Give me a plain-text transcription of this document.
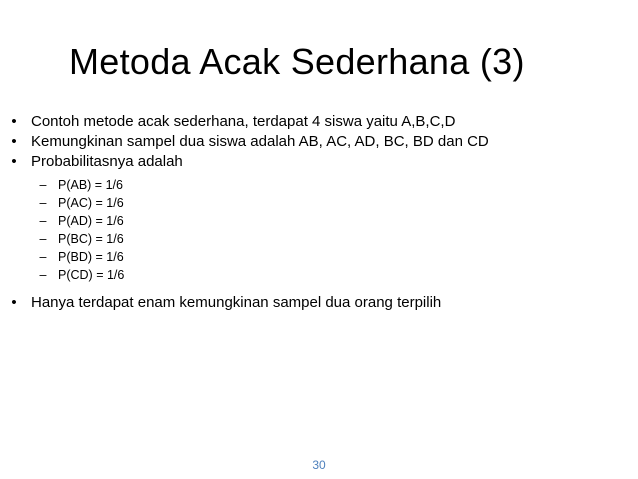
Metoda Acak Sederhana (3)
• Contoh metode acak sederhana, terdapat 4 siswa yaitu A,B,C,D
• Kemungkinan sampel dua siswa adalah AB, AC, AD, BC, BD dan CD
• Probabilitasnya adalah
– P(AB) = 1/6
– P(AC) = 1/6
– P(AD) = 1/6
– P(BC) = 1/6
– P(BD) = 1/6
– P(CD) = 1/6
• Hanya terdapat enam kemungkinan sampel dua orang terpilih
30
